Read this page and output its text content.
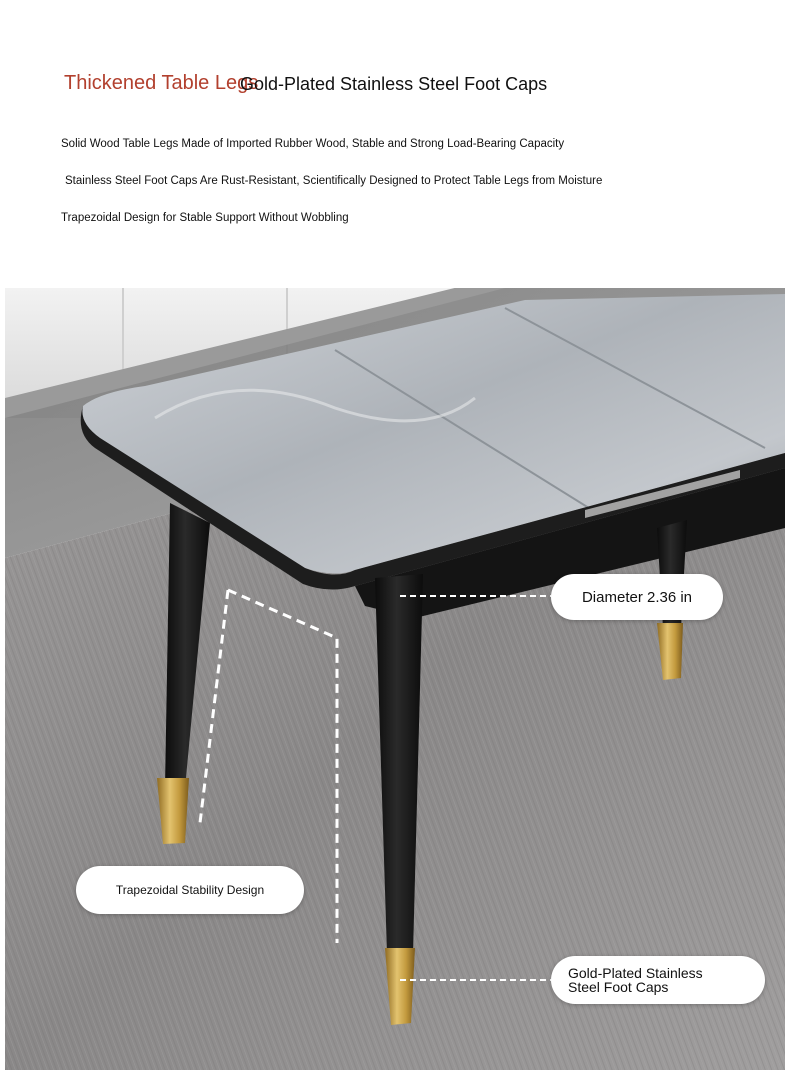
Thickened Table Legs
Gold-Plated Stainless Steel Foot Caps
Solid Wood Table Legs Made of Imported Rubber Wood, Stable and Strong Load-Bearing Capacity
Stainless Steel Foot Caps Are Rust-Resistant, Scientifically Designed to Protect Table Legs from Moisture
Trapezoidal Design for Stable Support Without Wobbling
Diameter 2.36 in
Trapezoidal Stability Design
Gold-Plated Stainless Steel Foot Caps
